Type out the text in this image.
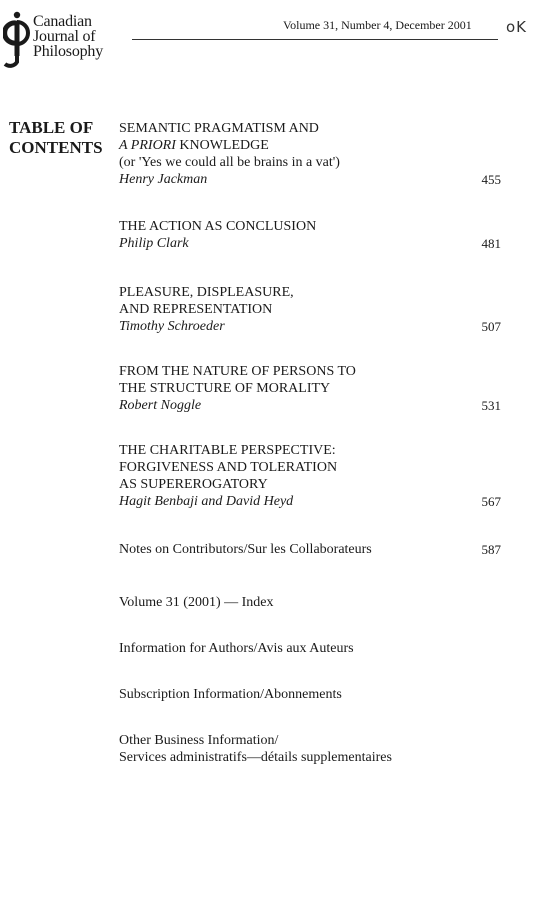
Canadian
Journal of
Philosophy
Volume 31, Number 4, December 2001 oK
TABLE OF
CONTENTS
SEMANTIC PRAGMATISM AND
A PRIORI KNOWLEDGE
(or 'Yes we could all be brains in a vat')
Henry Jackman	455
THE ACTION AS CONCLUSION
Philip Clark	481
PLEASURE, DISPLEASURE,
AND REPRESENTATION
Timothy Schroeder	507
FROM THE NATURE OF PERSONS TO
THE STRUCTURE OF MORALITY
Robert Noggle	531
THE CHARITABLE PERSPECTIVE:
FORGIVENESS AND TOLERATION
AS SUPEREROGATORY
Hagit Benbaji and David Heyd	567
Notes on Contributors/Sur les Collaborateurs	587
Volume 31 (2001) — Index
Information for Authors/Avis aux Auteurs
Subscription Information/Abonnements
Other Business Information/
Services administratifs—détails supplementaires
